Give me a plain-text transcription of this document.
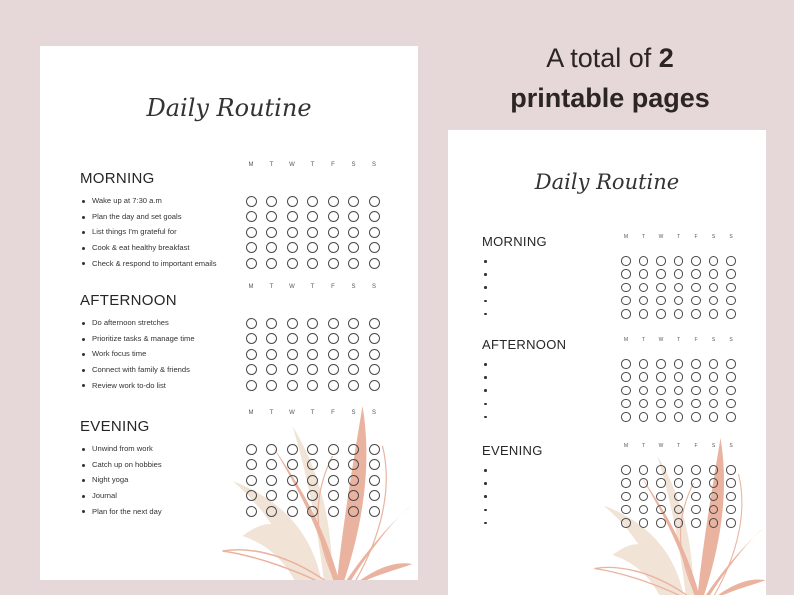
A total of 2
printable pages
Daily Routine
MORNING
M	T	W	T	F	S	S
Wake up at 7:30 a.m
Plan the day and set goals
List things I'm grateful for
Cook & eat healthy breakfast
Check & respond to important emails
AFTERNOON
M	T	W	T	F	S	S
Do afternoon stretches
Prioritize tasks & manage time
Work focus time
Connect with family & friends
Review work to-do list
EVENING
M	T	W	T	F	S	S
Unwind from work
Catch up on hobbies
Night yoga
Journal
Plan for the next day
Daily Routine
MORNING	M	T	W	T	F	S	S
AFTERNOON	M	T	W	T	F	S	S
EVENING	M	T	W	T	F	S	S
